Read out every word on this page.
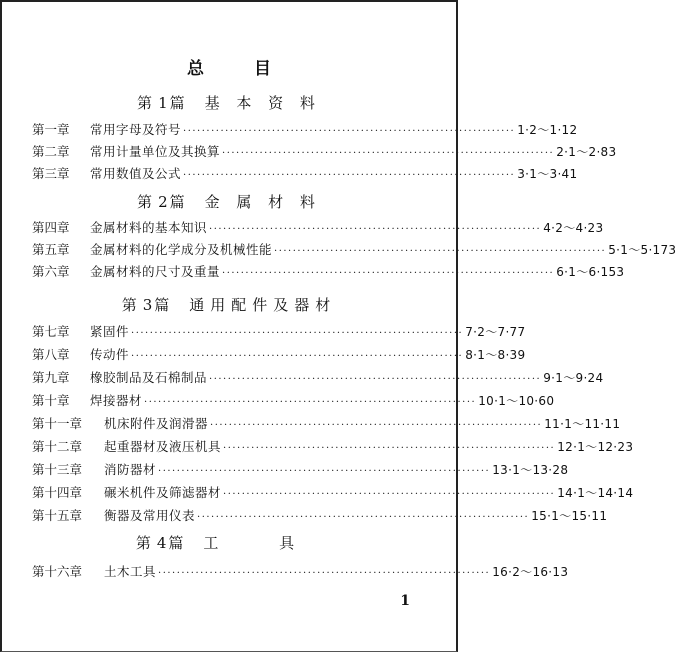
总 目
第1篇 基 本 资 料
第一章	常用字母及符号 ······································································· 1·2～1·12
第二章	常用计量单位及其换算 ······································································· 2·1～2·83
第三章	常用数值及公式 ······································································· 3·1～3·41
第2篇 金 属 材 料
第四章	金属材料的基本知识 ······································································· 4·2～4·23
第五章	金属材料的化学成分及机械性能 ······································································· 5·1～5·173
第六章	金属材料的尺寸及重量 ······································································· 6·1～6·153
第3篇 通用配件及器材
第七章	紧固件 ······································································· 7·2～7·77
第八章	传动件 ······································································· 8·1～8·39
第九章	橡胶制品及石棉制品 ······································································· 9·1～9·24
第十章	焊接器材 ······································································· 10·1～10·60
第十一章	机床附件及润滑器 ······································································· 11·1～11·11
第十二章	起重器材及液压机具 ······································································· 12·1～12·23
第十三章	消防器材 ······································································· 13·1～13·28
第十四章	碾米机件及筛滤器材 ······································································· 14·1～14·14
第十五章	衡器及常用仪表 ······································································· 15·1～15·11
第4篇 工 具
第十六章	土木工具 ······································································· 16·2～16·13
1
